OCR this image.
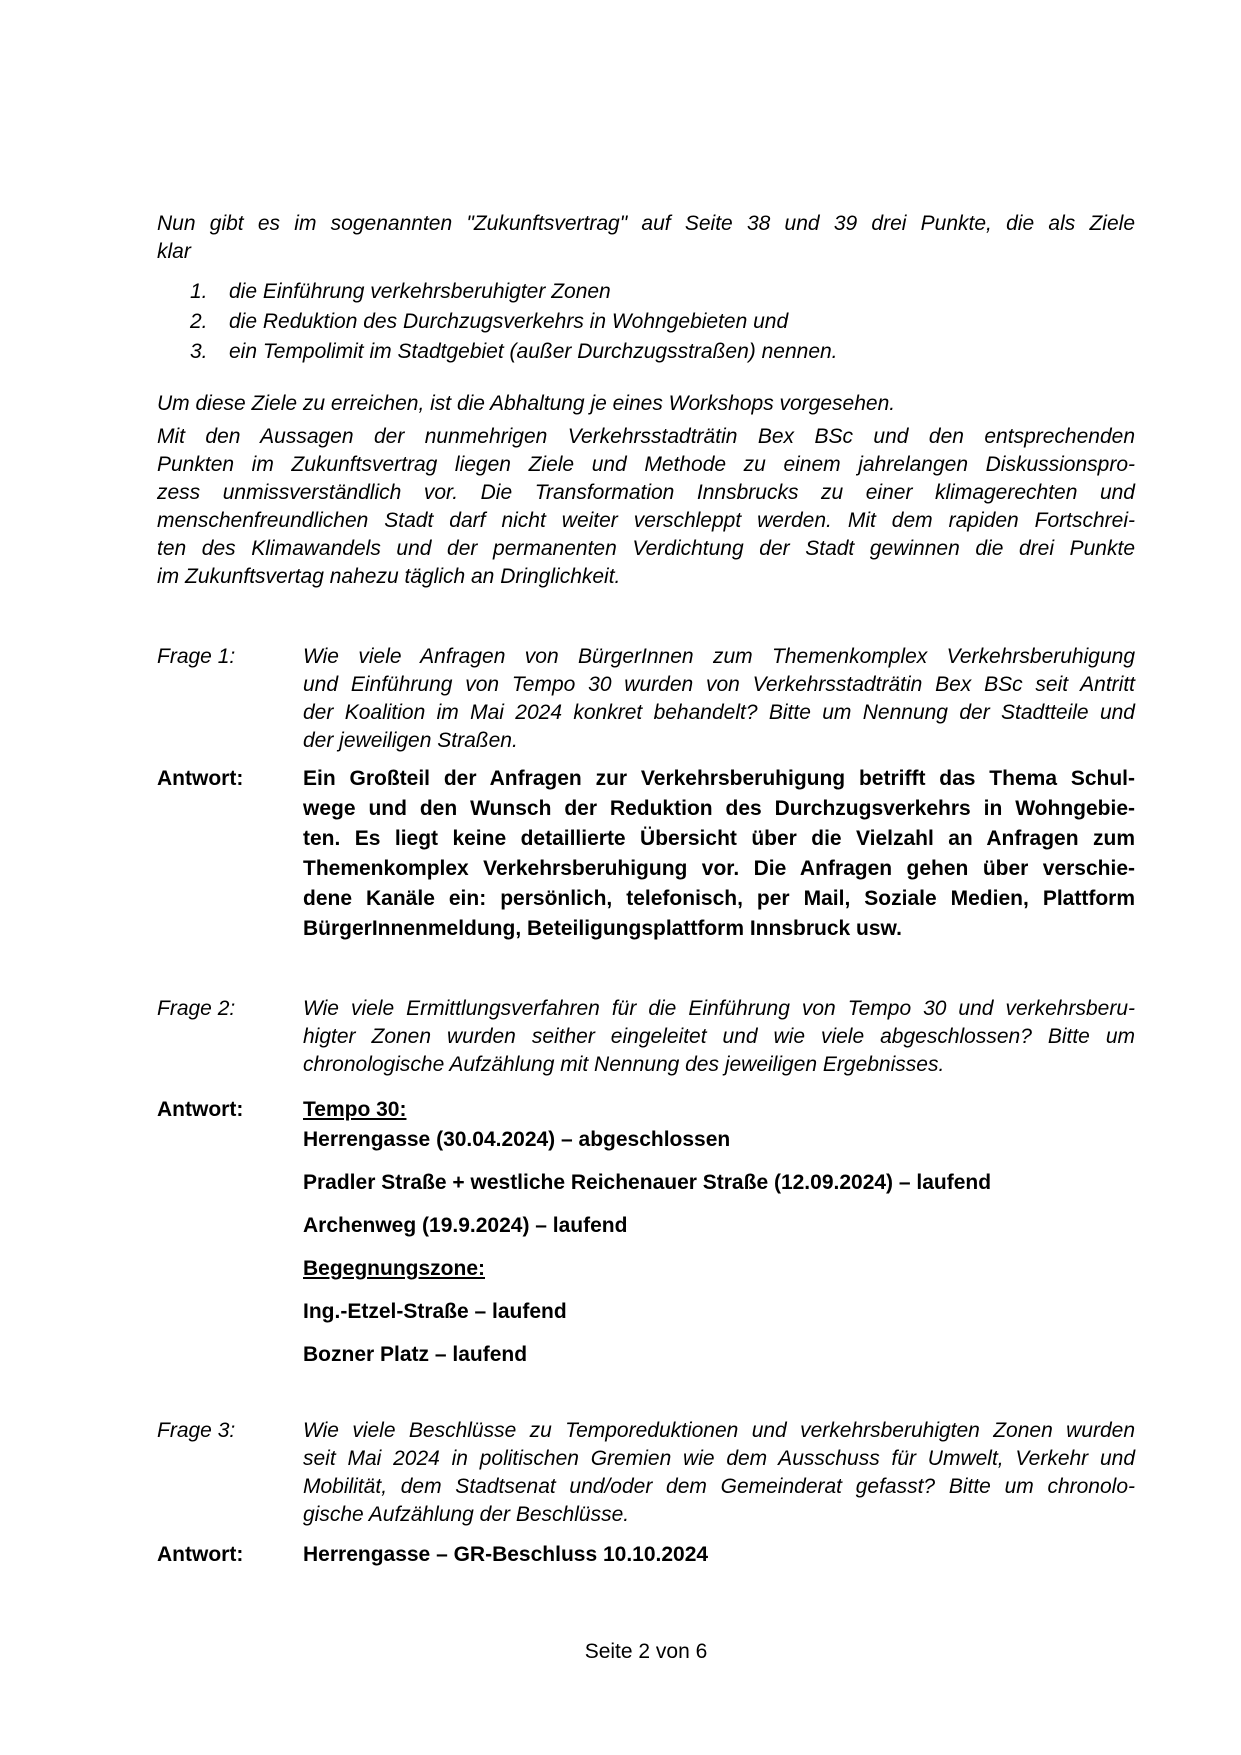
Nun gibt es im sogenannten "Zukunftsvertrag" auf Seite 38 und 39 drei Punkte, die als Ziele
klar
1.	die Einführung verkehrsberuhigter Zonen
2.	die Reduktion des Durchzugsverkehrs in Wohngebieten und
3.	ein Tempolimit im Stadtgebiet (außer Durchzugsstraßen) nennen.
Um diese Ziele zu erreichen, ist die Abhaltung je eines Workshops vorgesehen.
Mit den Aussagen der nunmehrigen Verkehrsstadträtin Bex BSc und den entsprechenden
Punkten im Zukunftsvertrag liegen Ziele und Methode zu einem jahrelangen Diskussionspro-
zess unmissverständlich vor. Die Transformation Innsbrucks zu einer klimagerechten und
menschenfreundlichen Stadt darf nicht weiter verschleppt werden. Mit dem rapiden Fortschrei-
ten des Klimawandels und der permanenten Verdichtung der Stadt gewinnen die drei Punkte
im Zukunftsvertag nahezu täglich an Dringlichkeit.
Frage 1:	Wie viele Anfragen von BürgerInnen zum Themenkomplex Verkehrsberuhigung
und Einführung von Tempo 30 wurden von Verkehrsstadträtin Bex BSc seit Antritt
der Koalition im Mai 2024 konkret behandelt? Bitte um Nennung der Stadtteile und
der jeweiligen Straßen.
Antwort:	Ein Großteil der Anfragen zur Verkehrsberuhigung betrifft das Thema Schul-
wege und den Wunsch der Reduktion des Durchzugsverkehrs in Wohngebie-
ten. Es liegt keine detaillierte Übersicht über die Vielzahl an Anfragen zum
Themenkomplex Verkehrsberuhigung vor. Die Anfragen gehen über verschie-
dene Kanäle ein: persönlich, telefonisch, per Mail, Soziale Medien, Plattform
BürgerInnenmeldung, Beteiligungsplattform Innsbruck usw.
Frage 2:	Wie viele Ermittlungsverfahren für die Einführung von Tempo 30 und verkehrsberu-
higter Zonen wurden seither eingeleitet und wie viele abgeschlossen? Bitte um
chronologische Aufzählung mit Nennung des jeweiligen Ergebnisses.
Antwort:	Tempo 30:
Herrengasse (30.04.2024) – abgeschlossen
Pradler Straße + westliche Reichenauer Straße (12.09.2024) – laufend
Archenweg (19.9.2024) – laufend
Begegnungszone:
Ing.-Etzel-Straße – laufend
Bozner Platz – laufend
Frage 3:	Wie viele Beschlüsse zu Temporeduktionen und verkehrsberuhigten Zonen wurden
seit Mai 2024 in politischen Gremien wie dem Ausschuss für Umwelt, Verkehr und
Mobilität, dem Stadtsenat und/oder dem Gemeinderat gefasst? Bitte um chronolo-
gische Aufzählung der Beschlüsse.
Antwort:	Herrengasse – GR-Beschluss 10.10.2024
Seite 2 von 6
